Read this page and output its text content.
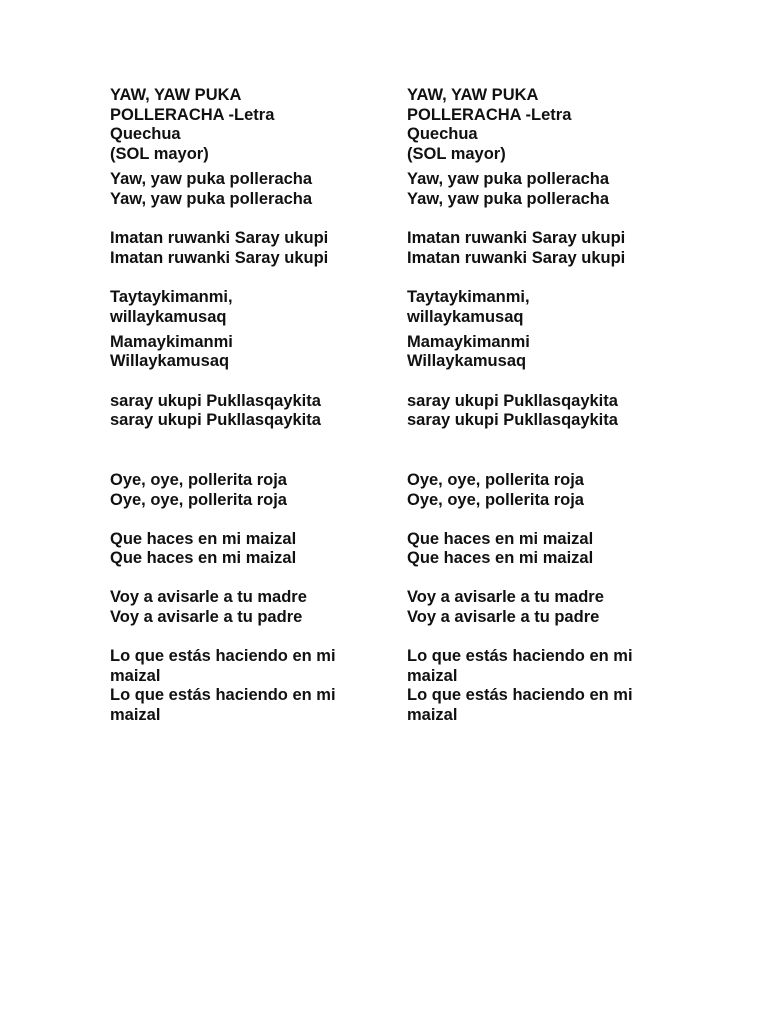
YAW, YAW PUKA
POLLERACHA -Letra
Quechua
(SOL mayor)
Yaw, yaw puka polleracha
Yaw, yaw puka polleracha
Imatan ruwanki Saray ukupi
Imatan ruwanki Saray ukupi
Taytaykimanmi,
willaykamusaq
Mamaykimanmi
Willaykamusaq
saray ukupi Pukllasqaykita
saray ukupi Pukllasqaykita
Oye, oye, pollerita roja
Oye, oye, pollerita roja
Que haces en mi maizal
Que haces en mi maizal
Voy a avisarle a tu madre
Voy a avisarle a tu padre
Lo que estás haciendo en mi
maizal
Lo que estás haciendo en mi
maizal
YAW, YAW PUKA
POLLERACHA -Letra
Quechua
(SOL mayor)
Yaw, yaw puka polleracha
Yaw, yaw puka polleracha
Imatan ruwanki Saray ukupi
Imatan ruwanki Saray ukupi
Taytaykimanmi,
willaykamusaq
Mamaykimanmi
Willaykamusaq
saray ukupi Pukllasqaykita
saray ukupi Pukllasqaykita
Oye, oye, pollerita roja
Oye, oye, pollerita roja
Que haces en mi maizal
Que haces en mi maizal
Voy a avisarle a tu madre
Voy a avisarle a tu padre
Lo que estás haciendo en mi
maizal
Lo que estás haciendo en mi
maizal
